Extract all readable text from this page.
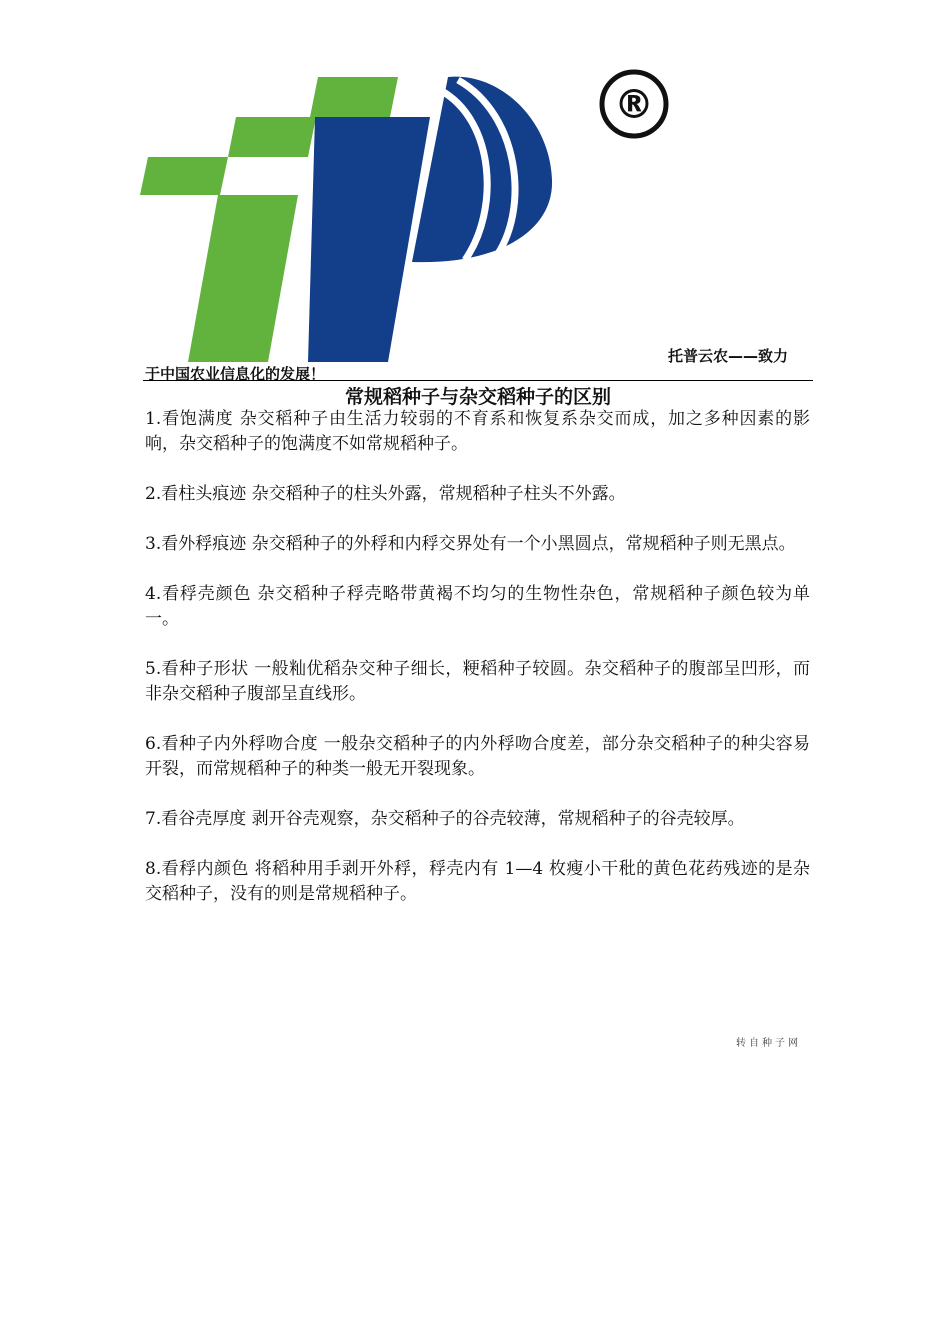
®
托普云农——致力
于中国农业信息化的发展！
常规稻种子与杂交稻种子的区别

1.看饱满度 杂交稻种子由生活力较弱的不育系和恢复系杂交而成，加之多种因素的影响，杂交稻种子的饱满度不如常规稻种子。

2.看柱头痕迹 杂交稻种子的柱头外露，常规稻种子柱头不外露。

3.看外稃痕迹 杂交稻种子的外稃和内稃交界处有一个小黑圆点，常规稻种子则无黑点。

4.看稃壳颜色 杂交稻种子稃壳略带黄褐不均匀的生物性杂色，常规稻种子颜色较为单一。

5.看种子形状 一般籼优稻杂交种子细长，粳稻种子较圆。杂交稻种子的腹部呈凹形，而非杂交稻种子腹部呈直线形。

6.看种子内外稃吻合度 一般杂交稻种子的内外稃吻合度差，部分杂交稻种子的种尖容易开裂，而常规稻种子的种类一般无开裂现象。

7.看谷壳厚度 剥开谷壳观察，杂交稻种子的谷壳较薄，常规稻种子的谷壳较厚。

8.看稃内颜色 将稻种用手剥开外稃，稃壳内有 1—4 枚瘦小干秕的黄色花药残迹的是杂交稻种子，没有的则是常规稻种子。

转自种子网
